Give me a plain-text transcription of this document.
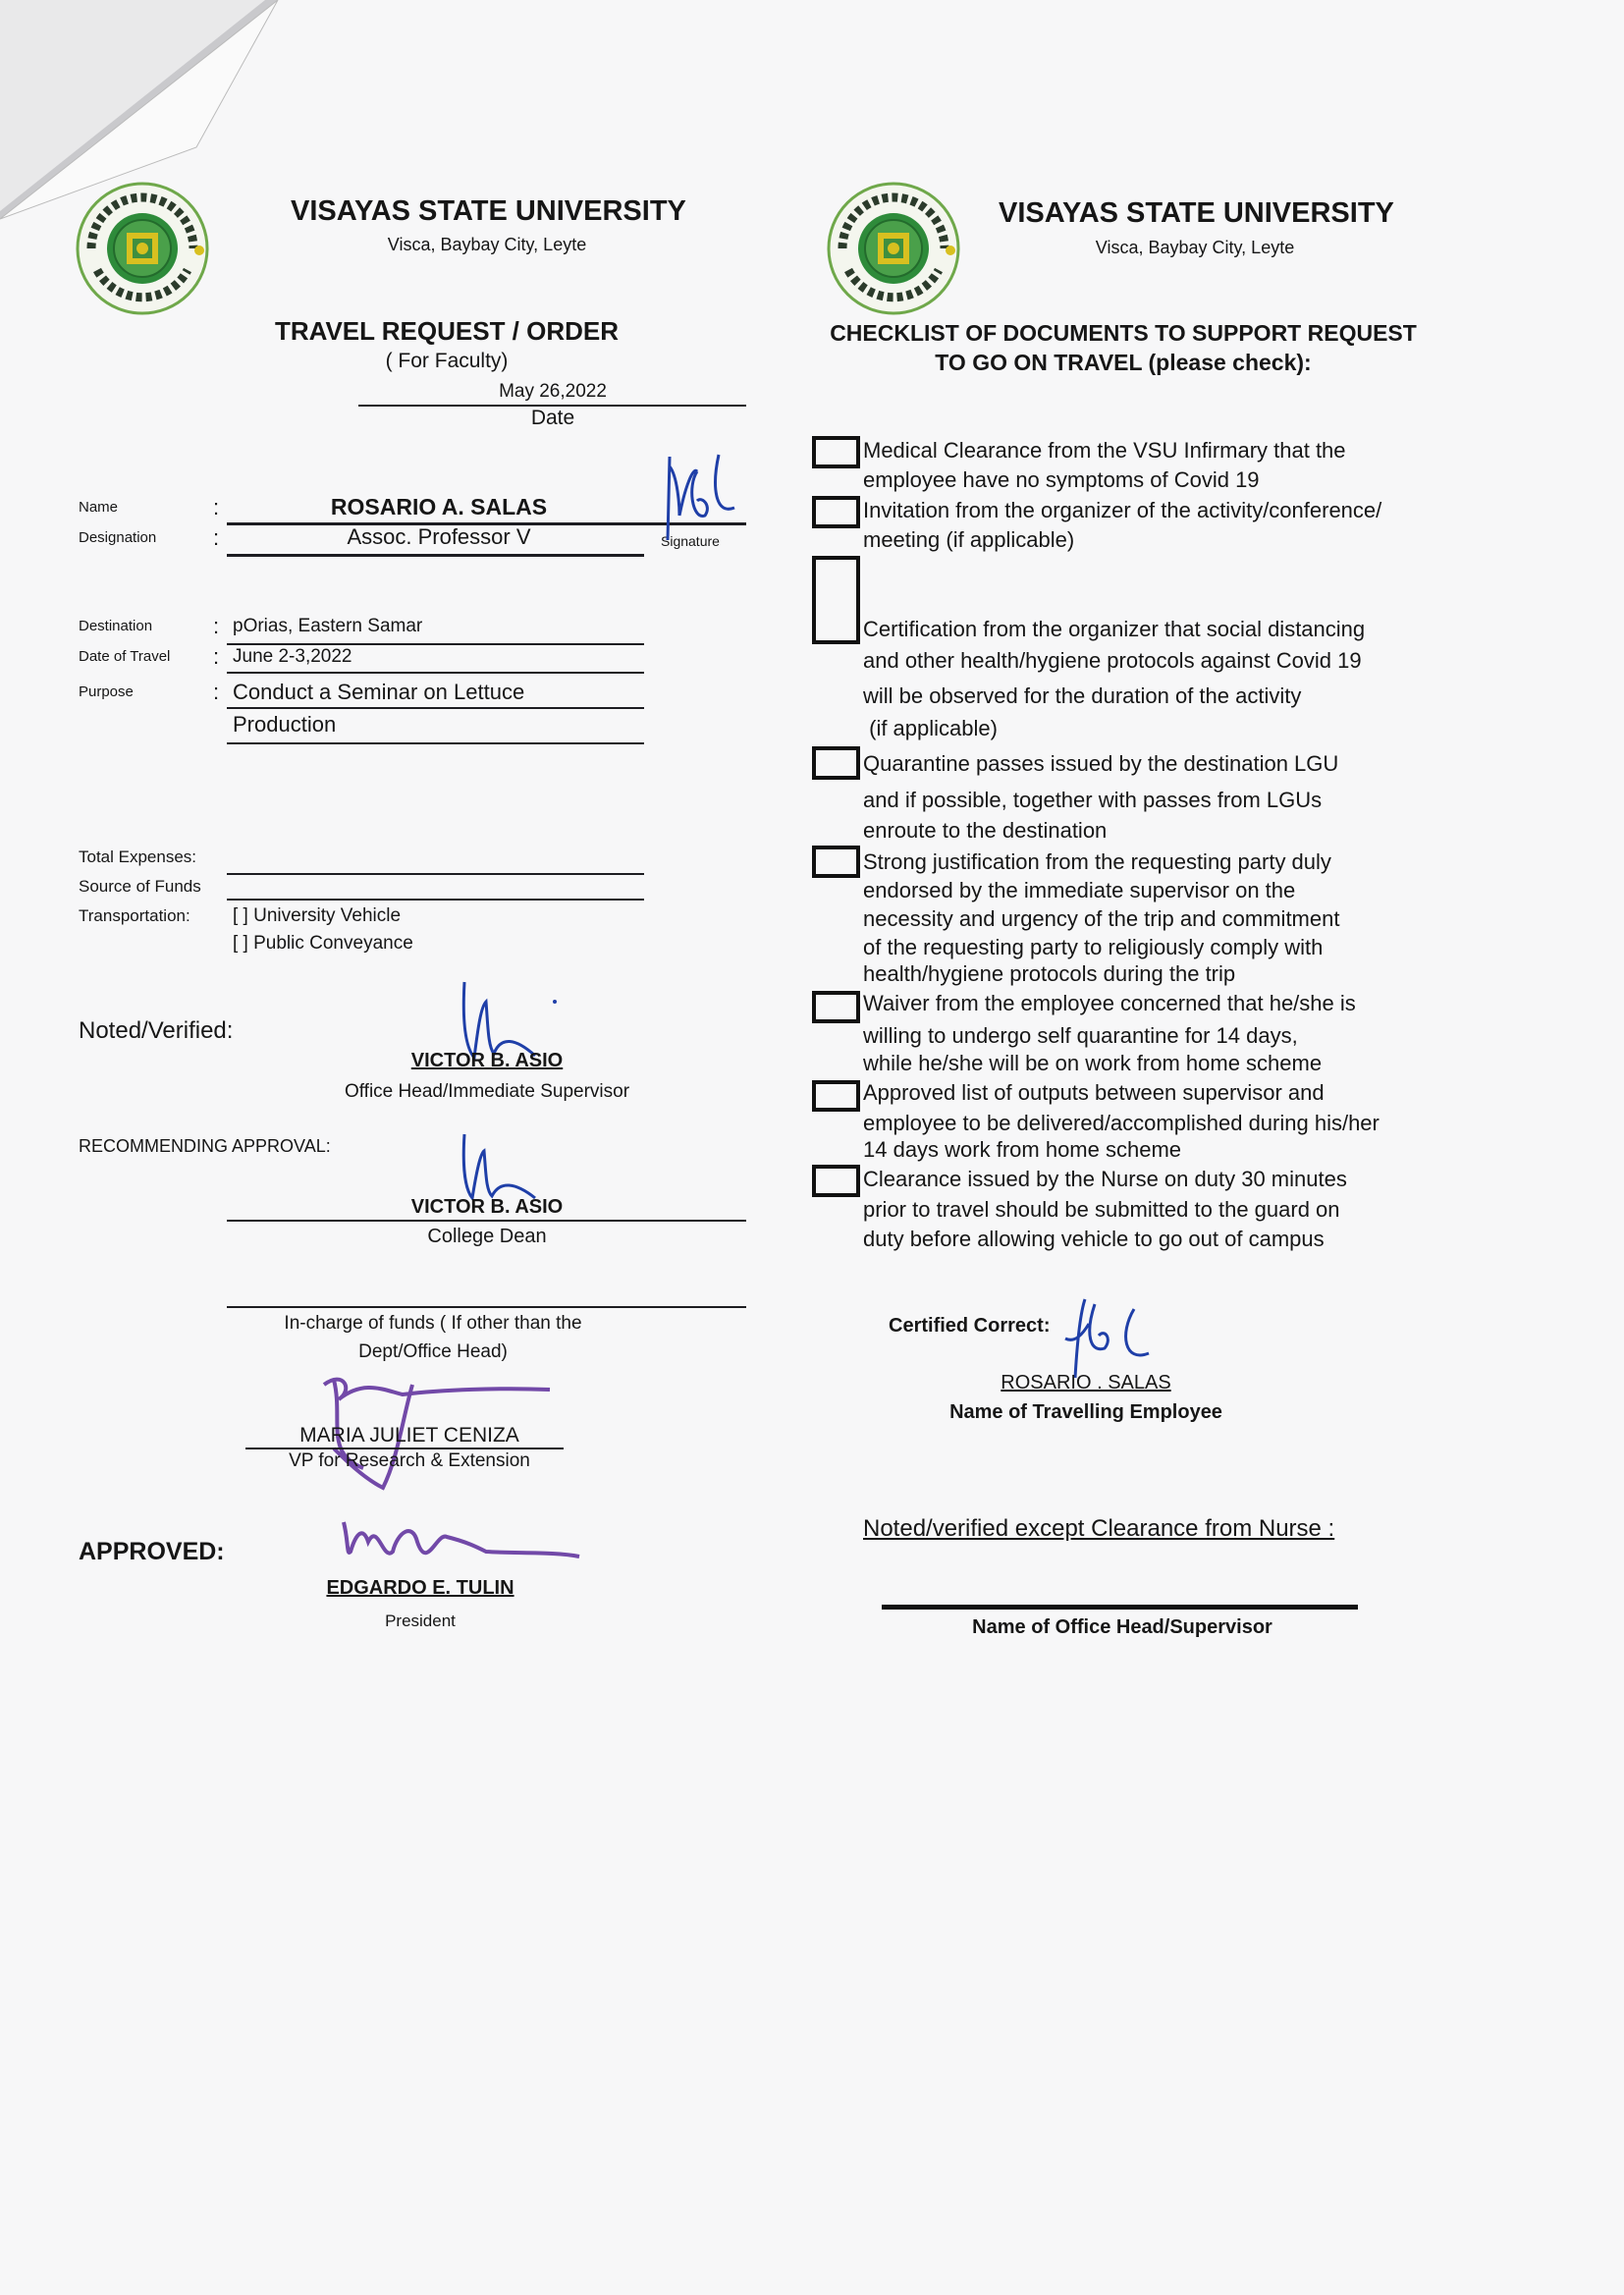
VISAYAS STATE UNIVERSITY
Visca, Baybay City, Leyte
TRAVEL REQUEST / ORDER
( For Faculty)
May 26,2022
Date
Name	:	ROSARIO A. SALAS
Designation	:	Assoc. Professor V	Signature
Destination	: pOrias, Eastern Samar
Date of Travel : June 2-3,2022
Purpose	: Conduct a Seminar on Lettuce
Production
Total Expenses:
Source of Funds
Transportation: [ ] University Vehicle
[ ] Public Conveyance
Noted/Verified:
VICTOR B. ASIO
Office Head/Immediate Supervisor
RECOMMENDING APPROVAL:
VICTOR B. ASIO
College Dean
In-charge of funds ( If other than the
Dept/Office Head)
MARIA JULIET CENIZA
VP for Research & Extension
APPROVED:
EDGARDO E. TULIN
President
VISAYAS STATE UNIVERSITY
Visca, Baybay City, Leyte
CHECKLIST OF DOCUMENTS TO SUPPORT REQUEST
TO GO ON TRAVEL (please check):
Medical Clearance from the VSU Infirmary that the
employee have no symptoms of Covid 19
Invitation from the organizer of the activity/conference/
meeting (if applicable)
Certification from the organizer that social distancing
and other health/hygiene protocols against Covid 19
will be observed for the duration of the activity
(if applicable)
Quarantine passes issued by the destination LGU
and if possible, together with passes from LGUs
enroute to the destination
Strong justification from the requesting party duly
endorsed by the immediate supervisor on the
necessity and urgency of the trip and commitment
of the requesting party to religiously comply with
health/hygiene protocols during the trip
Waiver from the employee concerned that he/she is
willing to undergo self quarantine for 14 days,
while he/she will be on work from home scheme
Approved list of outputs between supervisor and
employee to be delivered/accomplished during his/her
14 days work from home scheme
Clearance issued by the Nurse on duty 30 minutes
prior to travel should be submitted to the guard on
duty before allowing vehicle to go out of campus
Certified Correct:
ROSARIO . SALAS
Name of Travelling Employee
Noted/verified except Clearance from Nurse :
Name of Office Head/Supervisor
